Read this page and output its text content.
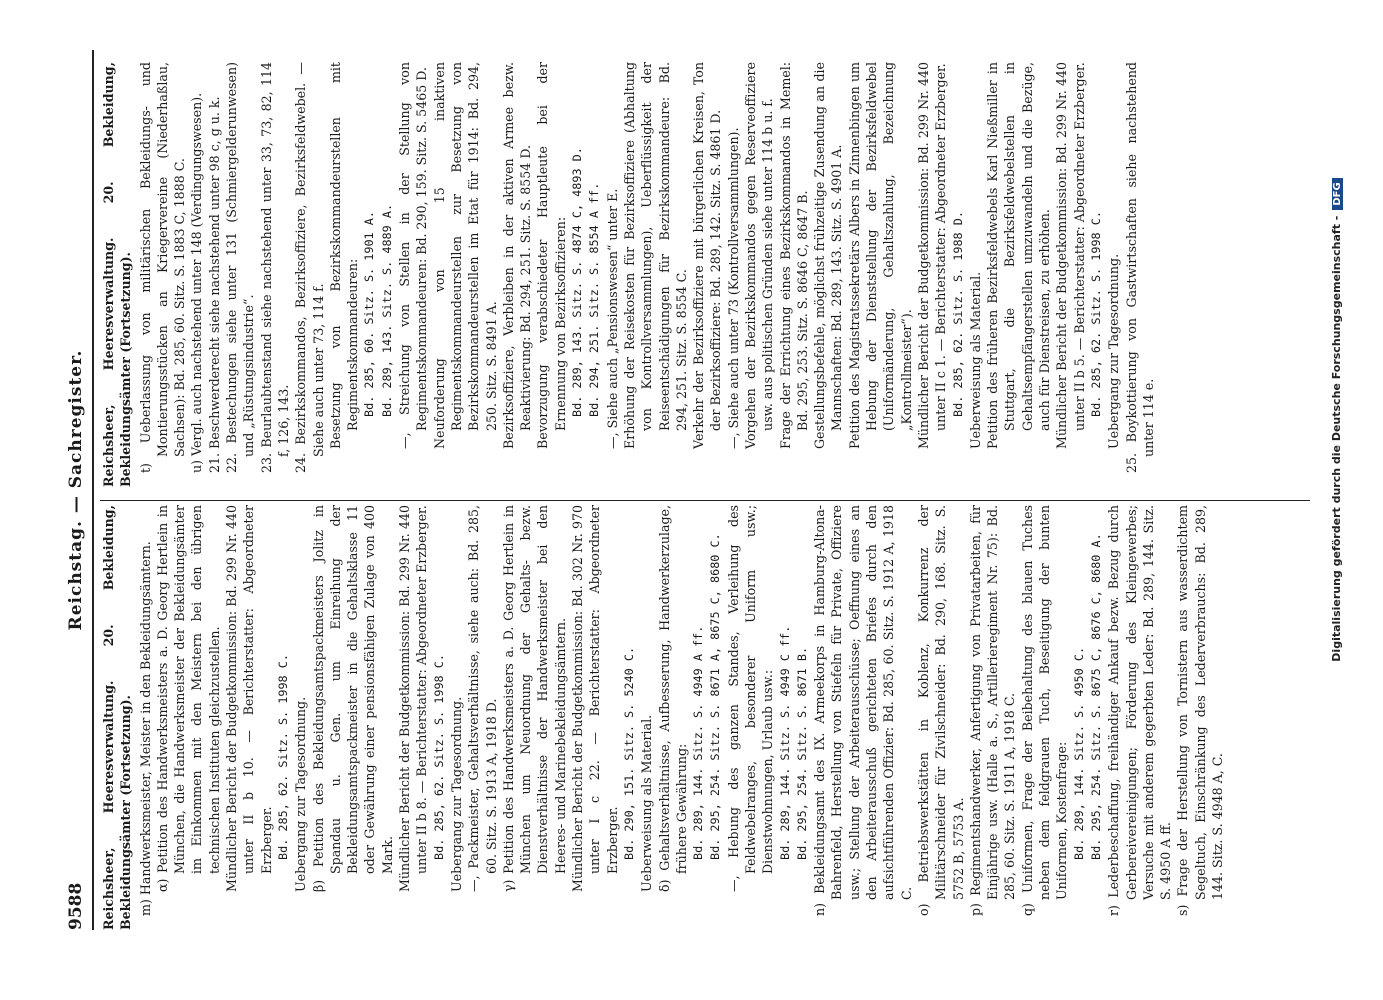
9588
Reichstag. — Sachregister.

Reichsheer, Heeresverwaltung. 20. Bekleidung, Bekleidungsämter (Fortsetzung). m) Handwerksmeister, Meister in den Bekleidungsämtern. α) Petition des Handwerksmeisters a. D. Georg Hertlein in München, die Handwerksmeister der Bekleidungsämter im Einkommen mit den Meistern bei den übrigen technischen Instituten gleichzustellen. Mündlicher Bericht der Budgetkommission: Bd. 299 Nr. 440 unter II b 10. — Berichterstatter: Abgeordneter Erzberger. Bd. 285, 62. Sitz. S. 1998 C. Uebergang zur Tagesordnung. β) Petition des Bekleidungsamtspackmeisters Jolitz in Spandau u. Gen. um Einreihung der Bekleidungsamtspackmeister in die Gehaltsklasse 11 oder Gewährung einer pensionsfähigen Zulage von 400 Mark. Mündlicher Bericht der Budgetkommission: Bd. 299 Nr. 440 unter II b 8. — Berichterstatter: Abgeordneter Erzberger. Bd. 285, 62. Sitz. S. 1998 C. Uebergang zur Tagesordnung. —, Packmeister, Gehaltsverhältnisse, siehe auch: Bd. 285, 60. Sitz. S. 1913 A, 1918 D. γ) Petition des Handwerksmeisters a. D. Georg Hertlein in München um Neuordnung der Gehalts- bezw. Dienstverhältnisse der Handwerksmeister bei den Heeres- und Marinebekleidungsämtern. Mündlicher Bericht der Budgetkommission: Bd. 302 Nr. 970 unter I c 22. — Berichterstatter: Abgeordneter Erzberger. Bd. 290, 151. Sitz. S. 5240 C. Ueberweisung als Material. δ) Gehaltsverhältnisse, Aufbesserung, Handwerkerzulage, frühere Gewährung: Bd. 289, 144. Sitz. S. 4949 A ff. Bd. 295, 254. Sitz. S. 8671 A, 8675 C, 8680 C. —, Hebung des ganzen Standes, Verleihung des Feldwebelranges, besonderer Uniform usw.; Dienstwohnungen, Urlaub usw.: Bd. 289, 144. Sitz. S. 4949 C ff. Bd. 295, 254. Sitz. S. 8671 B. n) Bekleidungsamt des IX. Armeekorps in Hamburg-Altona-Bahrenfeld, Herstellung von Stiefeln für Private, Offiziere usw.; Stellung der Arbeiterausschüsse; Oeffnung eines an den Arbeiterausschuß gerichteten Briefes durch den aufsichtführenden Offizier: Bd. 285, 60. Sitz. S. 1912 A, 1918 C. o) Betriebswerkstätten in Koblenz, Konkurrenz der Militärschneider für Zivilschneider: Bd. 290, 168. Sitz. S. 5752 B, 5753 A. p) Regimentshandwerker, Anfertigung von Privatarbeiten, für Einjährige usw. (Halle a. S., Artillerieregiment Nr. 75): Bd. 285, 60. Sitz. S. 1911 A, 1918 C. q) Uniformen, Frage der Beibehaltung des blauen Tuches neben dem feldgrauen Tuch, Beseitigung der bunten Uniformen, Kostenfrage: Bd. 289, 144. Sitz. S. 4950 C. Bd. 295, 254. Sitz. S. 8675 C, 8676 C, 8680 A. r) Lederbeschaffung, freihändiger Ankauf bezw. Bezug durch Gerbereivereinigungen; Förderung des Kleingewerbes; Versuche mit anderem gegerbten Leder: Bd. 289, 144. Sitz. S. 4950 A ff. s) Frage der Herstellung von Tornistern aus wasserdichtem Segeltuch, Einschränkung des Lederverbrauchs: Bd. 289, 144. Sitz. S. 4948 A, C.

Reichsheer, Heeresverwaltung. 20. Bekleidung, Bekleidungsämter (Fortsetzung). t) Ueberlassung von militärischen Bekleidungs- und Montierungsstücken an Kriegervereine (Niederhaßlau, Sachsen): Bd. 285, 60. Sitz. S. 1883 C, 1888 C. u) Vergl. auch nachstehend unter 148 (Verdingungswesen). 21. Beschwerderecht siehe nachstehend unter 98 c, g u. k. 22. Bestechungen siehe unter 131 (Schmiergelderunwesen) und „Rüstungsindustrie“. 23. Beurlaubtenstand siehe nachstehend unter 33, 73, 82, 114 f, 126, 143. 24. Bezirkskommandos, Bezirksoffiziere, Bezirksfeldwebel. — Siehe auch unter 73, 114 f. Besetzung von Bezirkskommandeurstellen mit Regimentskommandeuren: Bd. 285, 60. Sitz. S. 1901 A. Bd. 289, 143. Sitz. S. 4889 A. —, Streichung von Stellen in der Stellung von Regimentskommandeuren: Bd. 290, 159. Sitz. S. 5465 D. Neuforderung von 15 inaktiven Regimentskommandeurstellen zur Besetzung von Bezirkskommandeurstellen im Etat für 1914: Bd. 294, 250. Sitz. S. 8491 A. Bezirksoffiziere, Verbleiben in der aktiven Armee bezw. Reaktivierung: Bd. 294, 251. Sitz. S. 8554 D. Bevorzugung verabschiedeter Hauptleute bei der Ernennung von Bezirksoffizieren: Bd. 289, 143. Sitz. S. 4874 C, 4893 D. Bd. 294, 251. Sitz. S. 8554 A ff. —, Siehe auch „Pensionswesen“ unter E. Erhöhung der Reisekosten für Bezirksoffiziere (Abhaltung von Kontrollversammlungen), Ueberflüssigkeit der Reiseentschädigungen für Bezirkskommandeure: Bd. 294, 251. Sitz. S. 8554 C. Verkehr der Bezirksoffiziere mit bürgerlichen Kreisen, Ton der Bezirksoffiziere: Bd. 289, 142. Sitz. S. 4861 D. —, Siehe auch unter 73 (Kontrollversammlungen). Vorgehen der Bezirkskommandos gegen Reserveoffiziere usw. aus politischen Gründen siehe unter 114 b u. f. Frage der Errichtung eines Bezirkskommandos in Memel: Bd. 295, 253. Sitz. S. 8646 C, 8647 B. Gestellungsbefehle, möglichst frühzeitige Zusendung an die Mannschaften: Bd. 289, 143. Sitz. S. 4901 A. Petition des Magistratssekretärs Albers in Zinnenbingen um Hebung der Dienststellung der Bezirksfeldwebel (Uniformänderung, Gehaltszahlung, Bezeichnung „Kontrollmeister“). Mündlicher Bericht der Budgetkommission: Bd. 299 Nr. 440 unter II c 1. — Berichterstatter: Abgeordneter Erzberger. Bd. 285, 62. Sitz. S. 1988 D. Ueberweisung als Material. Petition des früheren Bezirksfeldwebels Karl Nießmiller in Stuttgart, die Bezirksfeldwebelstellen in Gehaltsempfängerstellen umzuwandeln und die Bezüge, auch für Dienstreisen, zu erhöhen. Mündlicher Bericht der Budgetkommission: Bd. 299 Nr. 440 unter II b 5. — Berichterstatter: Abgeordneter Erzberger. Bd. 285, 62. Sitz. S. 1998 C. Uebergang zur Tagesordnung. 25. Boykottierung von Gastwirtschaften siehe nachstehend unter 114 e.	Digitalisierung gefördert durch die Deutsche Forschungsgemeinschaft -DFG
